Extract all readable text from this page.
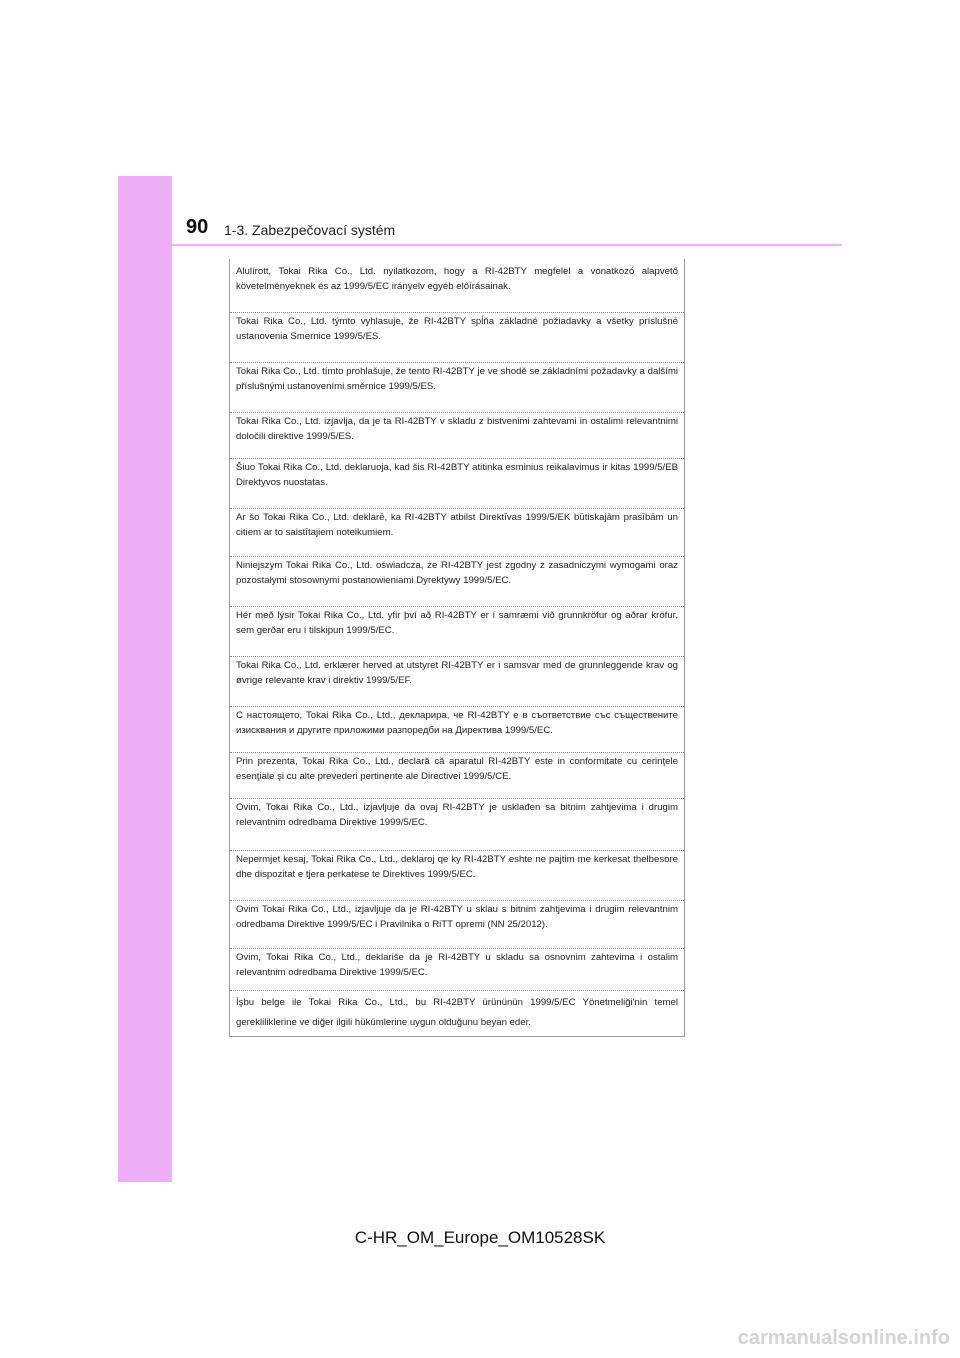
90 1-3. Zabezpečovací systém
Alulírott, Tokai Rika Co., Ltd. nyilatkozom, hogy a RI-42BTY megfelel a vonatkozó alapvető követelményeknek és az 1999/5/EC irányelv egyéb előírásainak.
Tokai Rika Co., Ltd. týmto vyhlasuje, že RI-42BTY spĺňa základné požiadavky a všetky príslušné ustanovenia Smernice 1999/5/ES.
Tokai Rika Co., Ltd. tímto prohlašuje, že tento RI-42BTY je ve shodě se základními požadavky a dalšími příslušnými ustanoveními směrnice 1999/5/ES.
Tokai Rika Co., Ltd. izjavlja, da je ta RI-42BTY v skladu z bistvenimi zahtevami in ostalimi relevantnimi določili direktive 1999/5/ES.
Šiuo Tokai Rika Co., Ltd. deklaruoja, kad šis RI-42BTY atitinka esminius reikalavimus ir kitas 1999/5/EB Direktyvos nuostatas.
Ar šo Tokai Rika Co., Ltd. deklarē, ka RI-42BTY atbilst Direktīvas 1999/5/EK būtiskajām prasībām un citiem ar to saistītajiem noteikumiem.
Niniejszym Tokai Rika Co., Ltd. oświadcza, że RI-42BTY jest zgodny z zasadniczymi wymogami oraz pozostałymi stosownymi postanowieniami Dyrektywy 1999/5/EC.
Hér með lýsir Tokai Rika Co., Ltd. yfir því að RI-42BTY er í samræmi við grunnkröfur og aðrar kröfur, sem gerðar eru í tilskipun 1999/5/EC.
Tokai Rika Co., Ltd. erklærer herved at utstyret RI-42BTY er i samsvar med de grunnleggende krav og øvrige relevante krav i direktiv 1999/5/EF.
С настоящето, Tokai Rika Co., Ltd., декларира, че RI-42BTY е в съответствие със съществените изисквания и другите приложими разпоредби на Директива 1999/5/EC.
Prin prezenta, Tokai Rika Co., Ltd., declară că aparatul RI-42BTY este in conformitate cu cerinţele esenţiale şi cu alte prevederi pertinente ale Directivei 1999/5/CE.
Ovim, Tokai Rika Co., Ltd., izjavljuje da ovaj RI-42BTY je usklađen sa bitnim zahtjevima i drugim relevantnim odredbama Direktive 1999/5/EC.
Nepermjet kesaj, Tokai Rika Co., Ltd., deklaroj qe ky RI-42BTY eshte ne pajtim me kerkesat thelbesore dhe dispozitat e tjera perkatese te Direktives 1999/5/EC.
Ovim Tokai Rika Co., Ltd., izjavljuje da je RI-42BTY u sklau s bitnim zahtjevima i drugim relevantnim odredbama Direktive 1999/5/EC i Pravilnika o RiTT opremi (NN 25/2012).
Ovim, Tokai Rika Co., Ltd., deklariše da je RI-42BTY u skladu sa osnovnim zahtevima i ostalim relevantnim odredbama Direktive 1999/5/EC.
İşbu belge ile Tokai Rika Co., Ltd., bu RI-42BTY ürününün 1999/5/EC Yönetmeliği'nin temel gerekliliklerine ve diğer ilgili hükümlerine uygun olduğunu beyan eder.
C-HR_OM_Europe_OM10528SK
carmanualsonline.info
